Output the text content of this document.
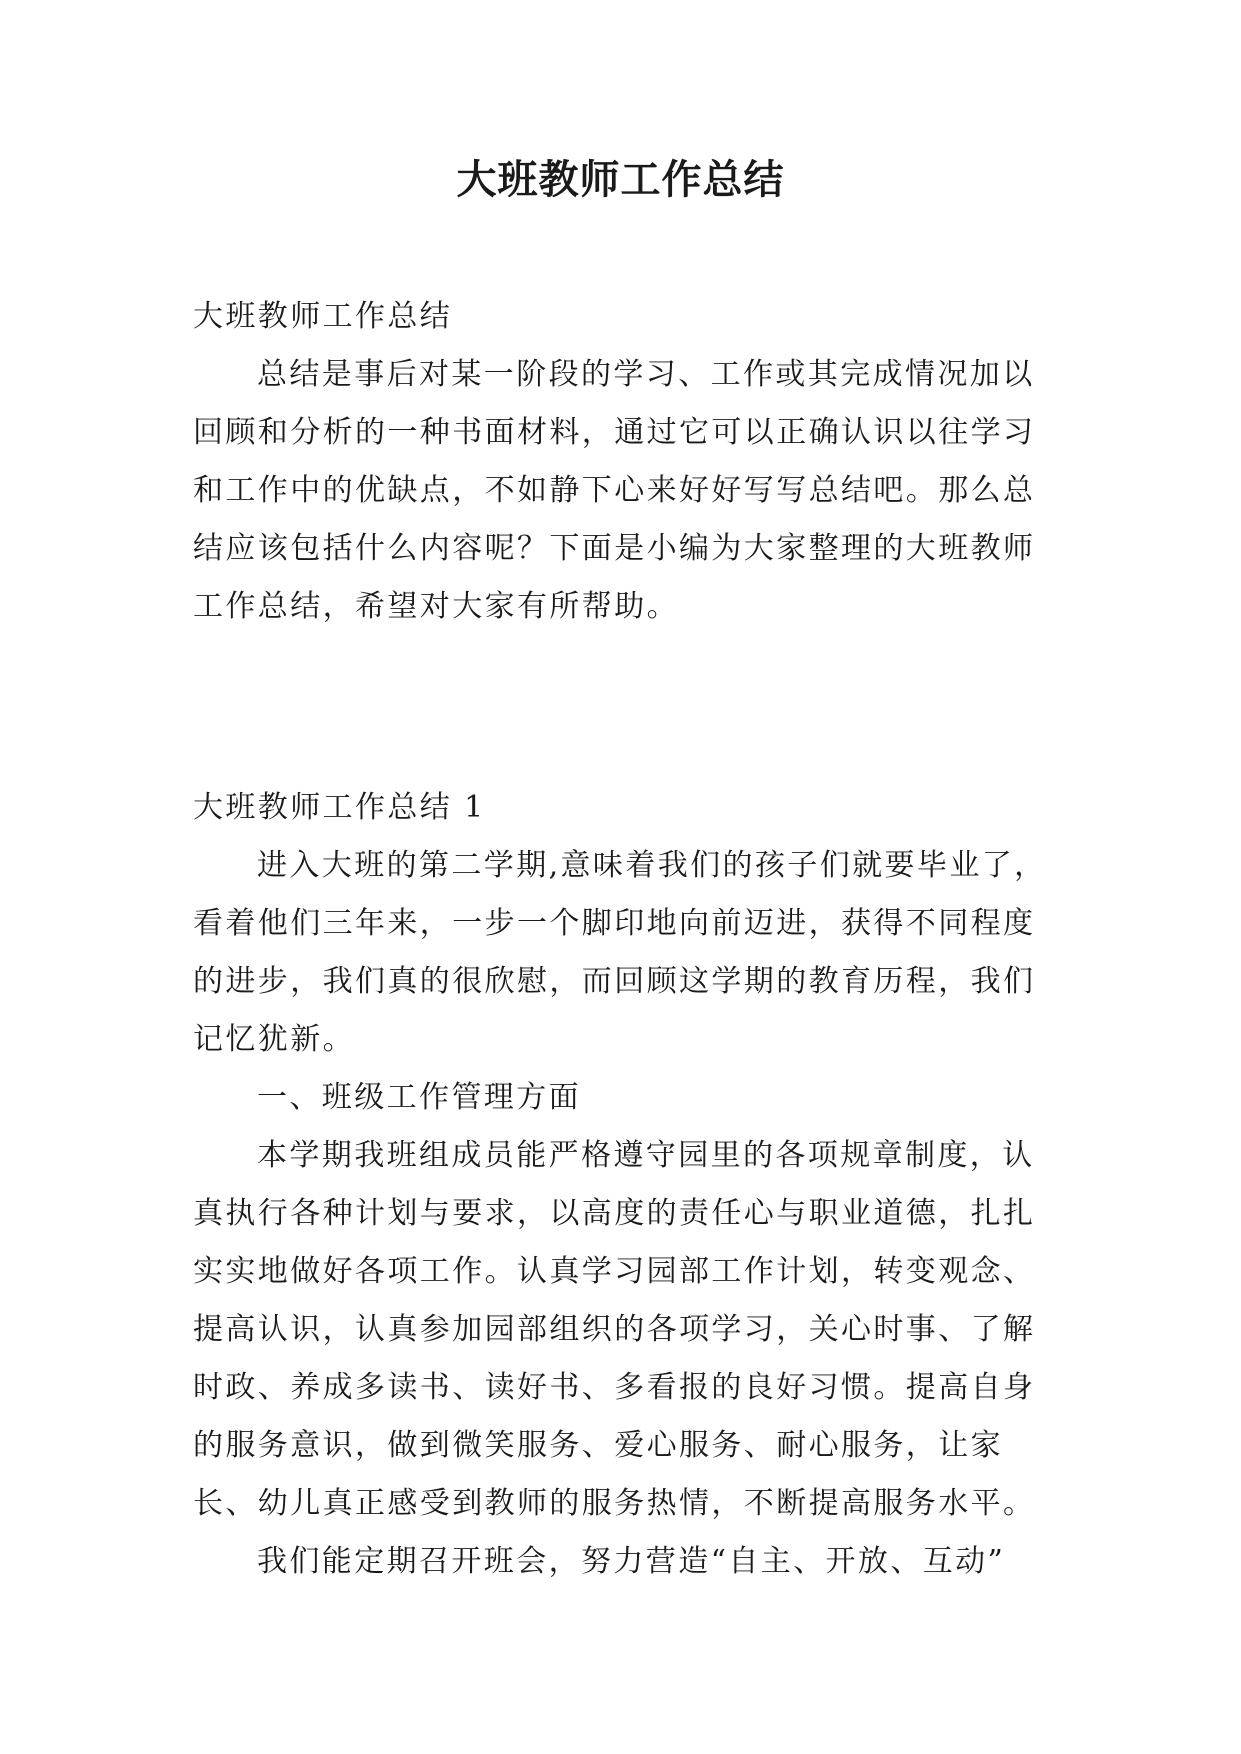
大班教师工作总结

大班教师工作总结

总结是事后对某一阶段的学习、工作或其完成情况加以回顾和分析的一种书面材料，通过它可以正确认识以往学习和工作中的优缺点，不如静下心来好好写写总结吧。那么总结应该包括什么内容呢？下面是小编为大家整理的大班教师工作总结，希望对大家有所帮助。

大班教师工作总结 1

进入大班的第二学期,意味着我们的孩子们就要毕业了，看着他们三年来，一步一个脚印地向前迈进，获得不同程度的进步，我们真的很欣慰，而回顾这学期的教育历程，我们记忆犹新。

一、班级工作管理方面

本学期我班组成员能严格遵守园里的各项规章制度，认真执行各种计划与要求，以高度的责任心与职业道德，扎扎实实地做好各项工作。认真学习园部工作计划，转变观念、提高认识，认真参加园部组织的各项学习，关心时事、了解时政、养成多读书、读好书、多看报的良好习惯。提高自身的服务意识，做到微笑服务、爱心服务、耐心服务，让家长、幼儿真正感受到教师的服务热情，不断提高服务水平。

我们能定期召开班会，努力营造“自主、开放、互动”
